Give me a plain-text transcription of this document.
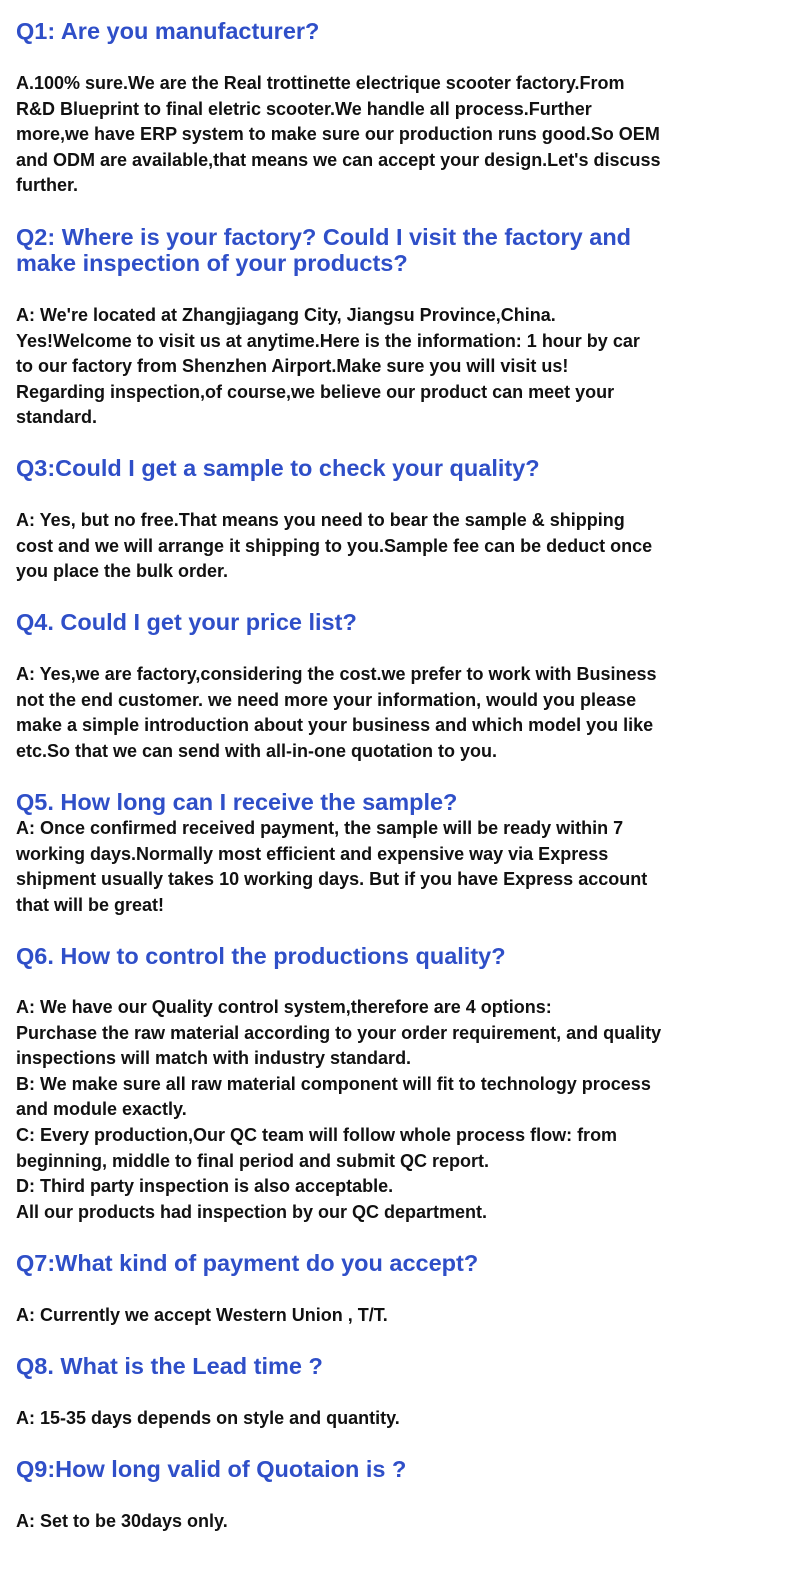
Q1: Are you manufacturer?

A.100% sure.We are the Real trottinette electrique scooter factory.From
R&D Blueprint to final eletric scooter.We handle all process.Further
more,we have ERP system to make sure our production runs good.So OEM
and ODM are available,that means we can accept your design.Let's discuss
further.

Q2: Where is your factory? Could I visit the factory and
make inspection of your products?

A: We're located at Zhangjiagang City, Jiangsu Province,China.
Yes!Welcome to visit us at anytime.Here is the information: 1 hour by car
to our factory from Shenzhen Airport.Make sure you will visit us!
Regarding inspection,of course,we believe our product can meet your
standard.

Q3:Could I get a sample to check your quality?

A: Yes, but no free.That means you need to bear the sample & shipping
cost and we will arrange it shipping to you.Sample fee can be deduct once
you place the bulk order.

Q4. Could I get your price list?

A: Yes,we are factory,considering the cost.we prefer to work with Business
not the end customer. we need more your information, would you please
make a simple introduction about your business and which model you like
etc.So that we can send with all-in-one quotation to you.

Q5. How long can I receive the sample?

A: Once confirmed received payment, the sample will be ready within 7
working days.Normally most efficient and expensive way via Express
shipment usually takes 10 working days. But if you have Express account
that will be great!

Q6. How to control the productions quality?

A: We have our Quality control system,therefore are 4 options:
Purchase the raw material according to your order requirement, and quality
inspections will match with industry standard.
B: We make sure all raw material component will fit to technology process
and module exactly.
C: Every production,Our QC team will follow whole process flow: from
beginning, middle to final period and submit QC report.
D: Third party inspection is also acceptable.
All our products had inspection by our QC department.

Q7:What kind of payment do you accept?

A: Currently we accept Western Union , T/T.

Q8. What is the Lead time ?

A: 15-35 days depends on style and quantity.

Q9:How long valid of Quotaion is ?

A: Set to be 30days only.
